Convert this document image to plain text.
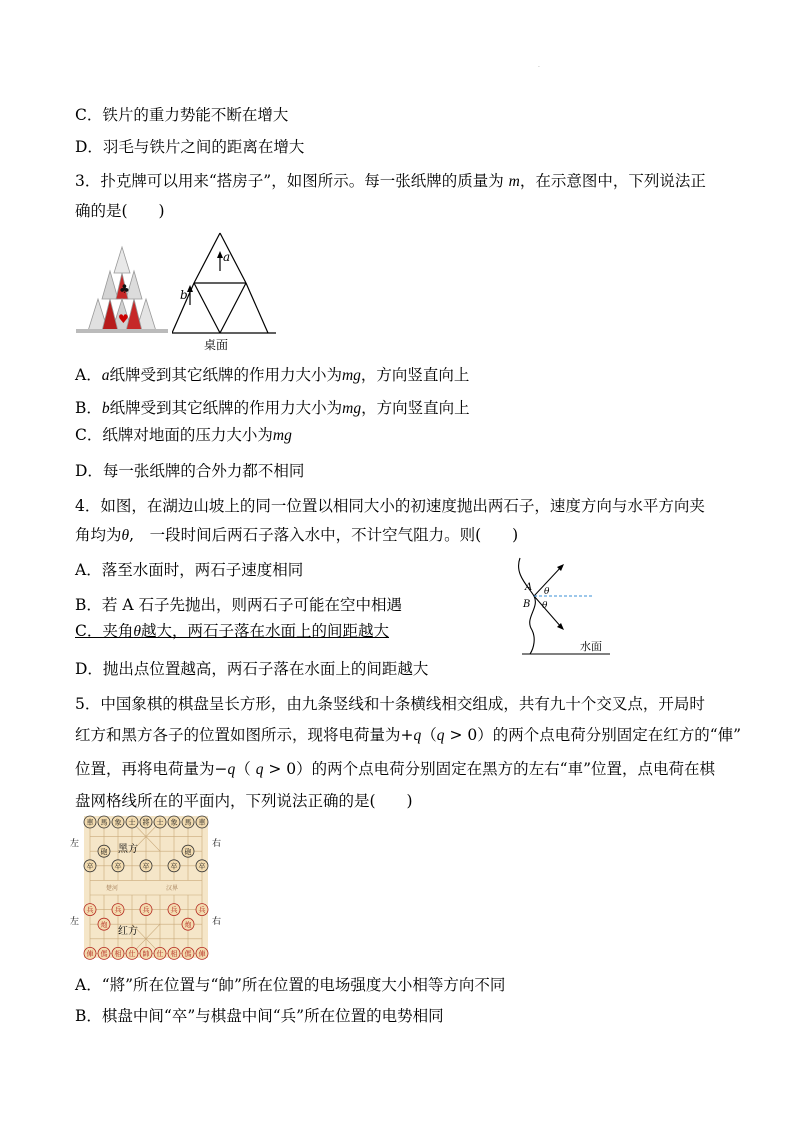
·
C．铁片的重力势能不断在增大
D．羽毛与铁片之间的距离在增大
3．扑克牌可以用来“搭房子”，如图所示。每一张纸牌的质量为 m，在示意图中，下列说法正
确的是(　　)
♣
♥
a
b
桌面
A．a纸牌受到其它纸牌的作用力大小为mg，方向竖直向上
B．b纸牌受到其它纸牌的作用力大小为mg，方向竖直向上
C．纸牌对地面的压力大小为mg
D．每一张纸牌的合外力都不相同
4．如图，在湖边山坡上的同一位置以相同大小的初速度抛出两石子，速度方向与水平方向夹
角均为θ,　一段时间后两石子落入水中，不计空气阻力。则(　　)
A．落至水面时，两石子速度相同
B．若 A 石子先抛出，则两石子可能在空中相遇
C．夹角θ越大，两石子落在水面上的间距越大
D．抛出点位置越高，两石子落在水面上的间距越大
A
B
θ
θ
水面
5．中国象棋的棋盘呈长方形，由九条竖线和十条横线相交组成，共有九十个交叉点，开局时
红方和黑方各子的位置如图所示，现将电荷量为+q（q > 0）的两个点电荷分别固定在红方的“俥”
位置，再将电荷量为−q（ q > 0）的两个点电荷分别固定在黑方的左右“車”位置，点电荷在棋
盘网格线所在的平面内，下列说法正确的是(　　)
車 馬 象 士 將 士 象 馬 車
俥 傌 相 仕 帥 仕 相 傌 俥
砲	砲
炮	炮
卒	卒	卒	卒	卒
兵	兵	兵	兵	兵
左	右
左	右
黑方
红方
楚河	汉界
A．“將”所在位置与“帥”所在位置的电场强度大小相等方向不同
B．棋盘中间“卒”与棋盘中间“兵”所在位置的电势相同
